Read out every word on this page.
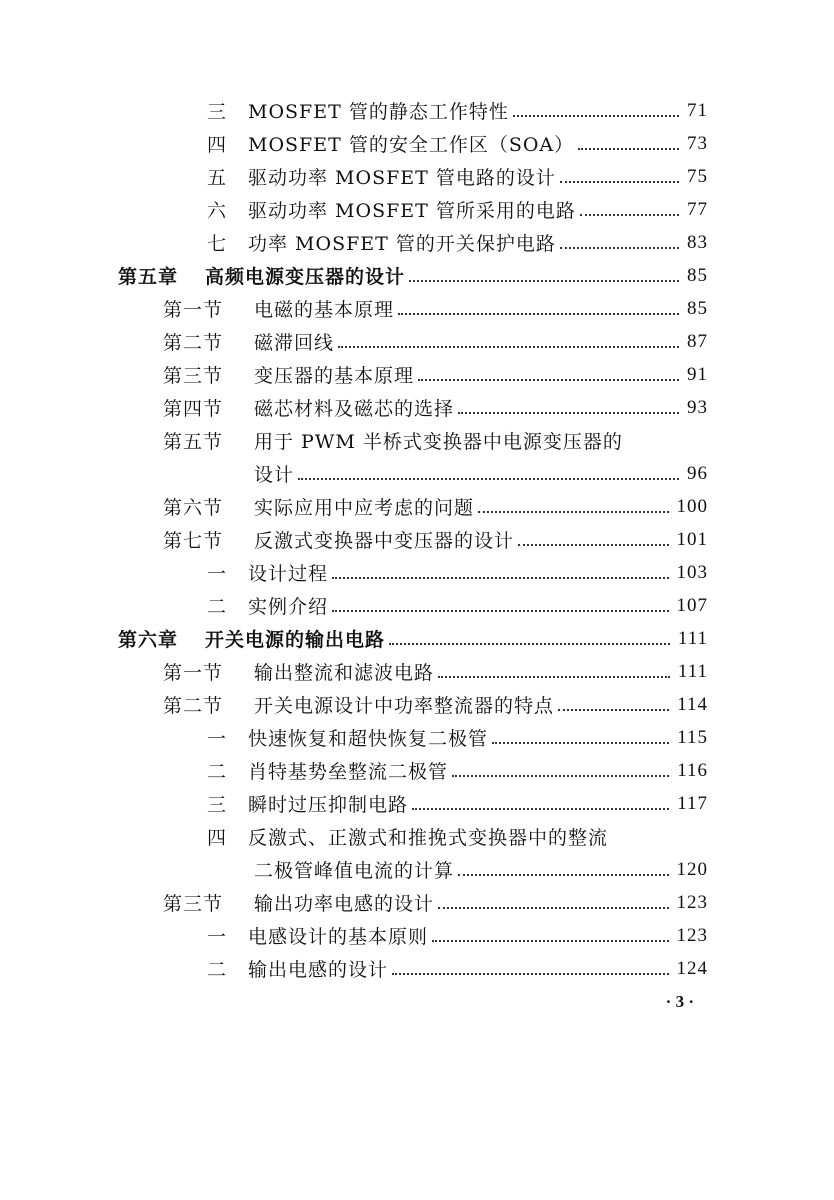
三 MOSFET 管的静态工作特性	71
四 MOSFET 管的安全工作区（SOA）	73
五 驱动功率 MOSFET 管电路的设计	75
六 驱动功率 MOSFET 管所采用的电路	77
七 功率 MOSFET 管的开关保护电路	83
第五章 高频电源变压器的设计	85
第一节 电磁的基本原理	85
第二节 磁滞回线	87
第三节 变压器的基本原理	91
第四节 磁芯材料及磁芯的选择	93
第五节 用于 PWM 半桥式变换器中电源变压器的
设计	96
第六节 实际应用中应考虑的问题	100
第七节 反激式变换器中变压器的设计	101
一 设计过程	103
二 实例介绍	107
第六章 开关电源的输出电路	111
第一节 输出整流和滤波电路	111
第二节 开关电源设计中功率整流器的特点	114
一 快速恢复和超快恢复二极管	115
二 肖特基势垒整流二极管	116
三 瞬时过压抑制电路	117
四 反激式、正激式和推挽式变换器中的整流
二极管峰值电流的计算	120
第三节 输出功率电感的设计	123
一 电感设计的基本原则	123
二 输出电感的设计	124
· 3 ·
